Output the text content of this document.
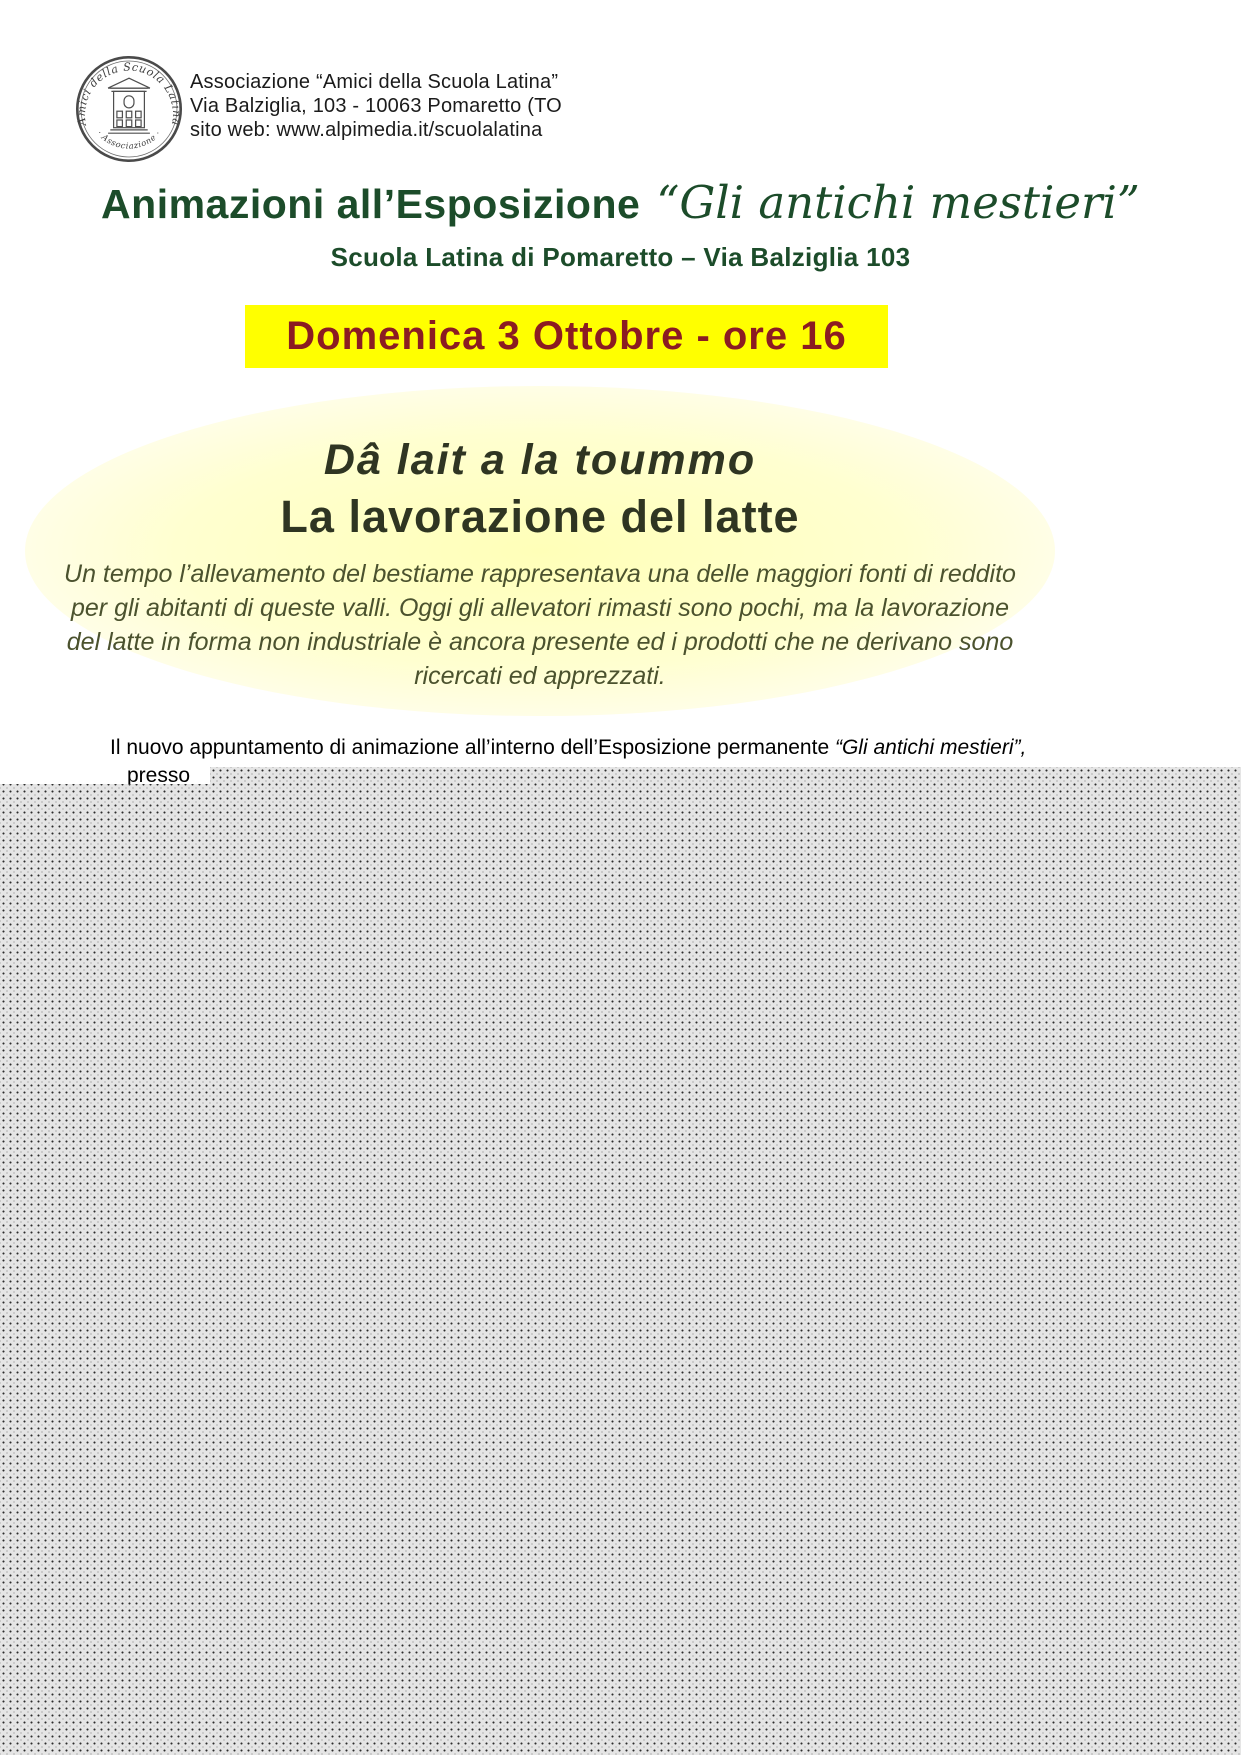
Amici della Scuola Latina
· Associazione ·
Associazione “Amici della Scuola Latina”
Via Balziglia, 103 - 10063 Pomaretto (TO
sito web: www.alpimedia.it/scuolalatina
Animazioni all’Esposizione “Gli antichi mestieri”
Scuola Latina di Pomaretto – Via Balziglia 103
Domenica 3 Ottobre - ore 16
Dâ lait a la toummo
La lavorazione del latte
Un tempo l’allevamento del bestiame rappresentava una delle maggiori fonti di reddito
per gli abitanti di queste valli. Oggi gli allevatori rimasti sono pochi, ma la lavorazione
del latte in forma non industriale è ancora presente ed i prodotti che ne derivano sono
ricercati ed apprezzati.
Il nuovo appuntamento di animazione all’interno dell’Esposizione permanente “Gli antichi mestieri”,
presso
